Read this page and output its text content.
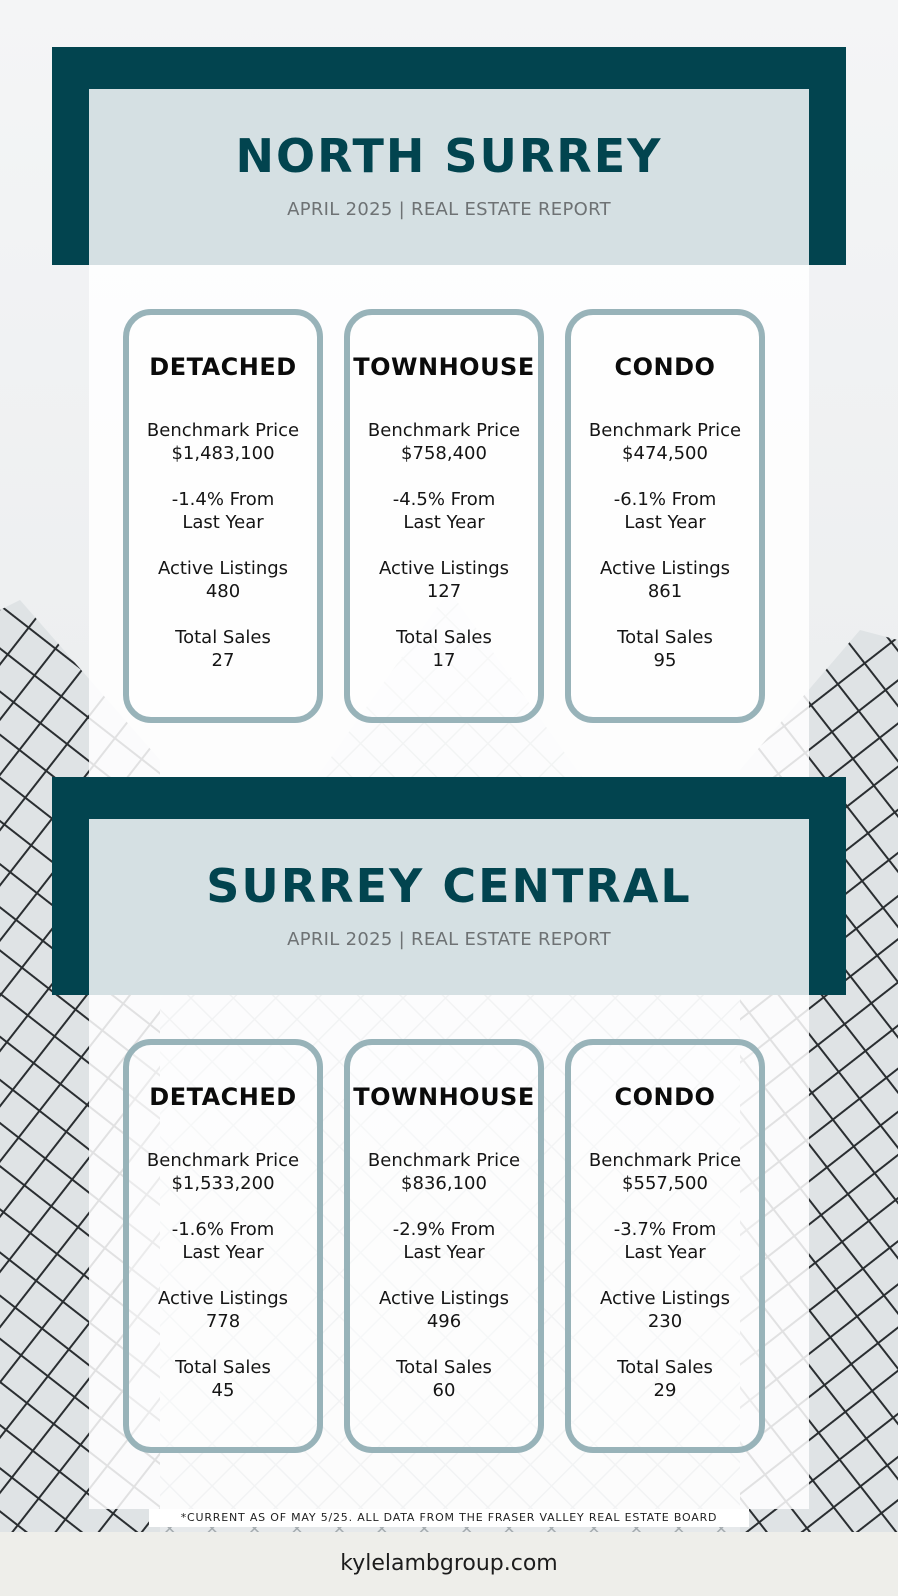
NORTH SURREY
APRIL 2025 | REAL ESTATE REPORT
DETACHED
Benchmark Price
$1,483,100
-1.4% From
Last Year
Active Listings
480
Total Sales
27
TOWNHOUSE
Benchmark Price
$758,400
-4.5% From
Last Year
Active Listings
127
Total Sales
17
CONDO
Benchmark Price
$474,500
-6.1% From
Last Year
Active Listings
861
Total Sales
95
SURREY CENTRAL
APRIL 2025 | REAL ESTATE REPORT
DETACHED
Benchmark Price
$1,533,200
-1.6% From
Last Year
Active Listings
778
Total Sales
45
TOWNHOUSE
Benchmark Price
$836,100
-2.9% From
Last Year
Active Listings
496
Total Sales
60
CONDO
Benchmark Price
$557,500
-3.7% From
Last Year
Active Listings
230
Total Sales
29
*CURRENT AS OF MAY 5/25. ALL DATA FROM THE FRASER VALLEY REAL ESTATE BOARD
kylelambgroup.com
